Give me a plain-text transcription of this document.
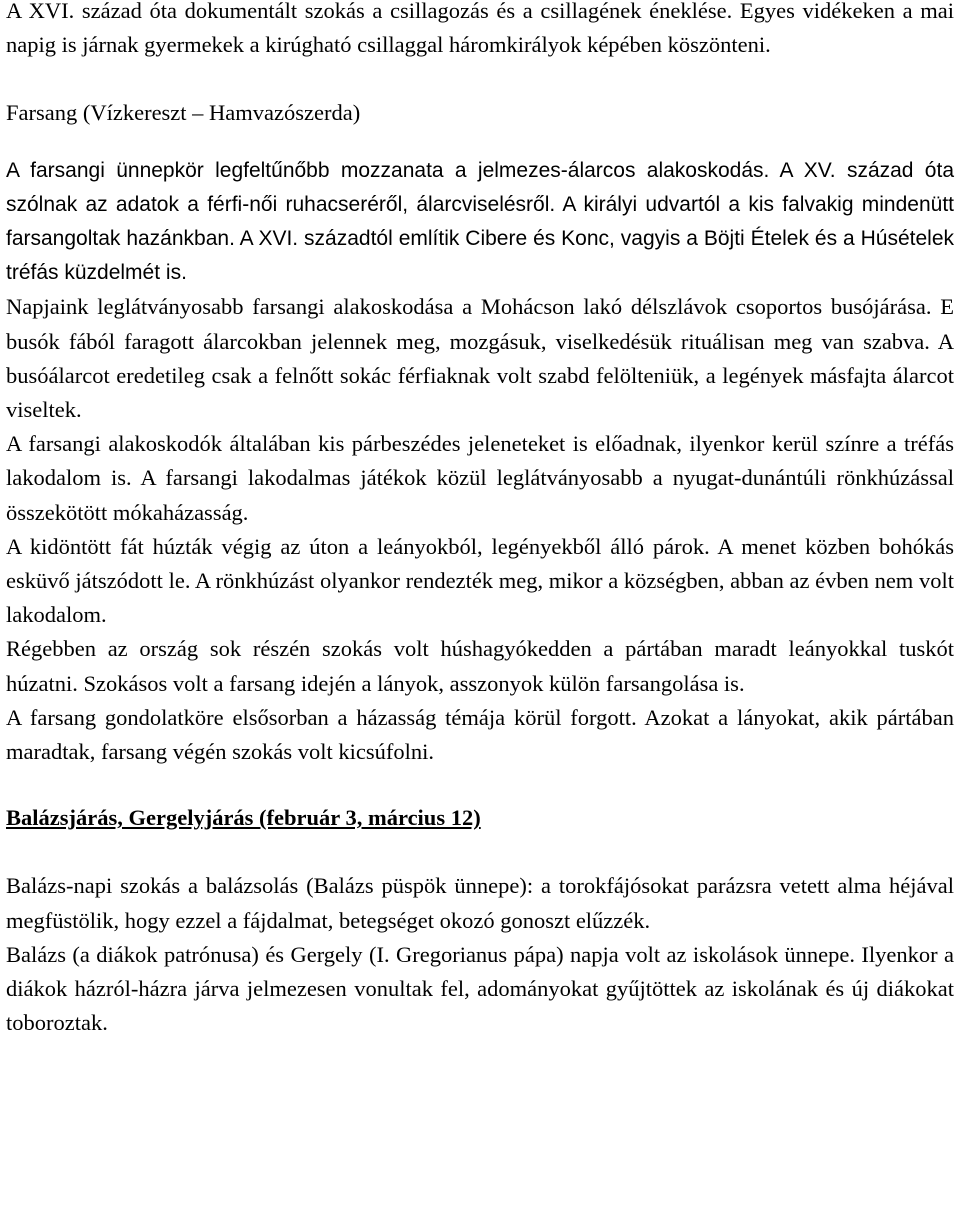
A XVI. század óta dokumentált szokás a csillagozás és a csillagének éneklése. Egyes vidékeken a mai napig is járnak gyermekek a kirúgható csillaggal háromkirályok képében köszönteni.

Farsang (Vízkereszt – Hamvazószerda)

A farsangi ünnepkör legfeltűnőbb mozzanata a jelmezes-álarcos alakoskodás. A XV. század óta szólnak az adatok a férfi-női ruhacseréről, álarcviselésről. A királyi udvartól a kis falvakig mindenütt farsangoltak hazánkban. A XVI. századtól említik Cibere és Konc, vagyis a Böjti Ételek és a Húsételek tréfás küzdelmét is.

Napjaink leglátványosabb farsangi alakoskodása a Mohácson lakó délszlávok csoportos busójárása. E busók fából faragott álarcokban jelennek meg, mozgásuk, viselkedésük rituálisan meg van szabva. A busóálarcot eredetileg csak a felnőtt sokác férfiaknak volt szabd felölteniük, a legények másfajta álarcot viseltek.

A farsangi alakoskodók általában kis párbeszédes jeleneteket is előadnak, ilyenkor kerül színre a tréfás lakodalom is. A farsangi lakodalmas játékok közül leglátványosabb a nyugat-dunántúli rönkhúzással összekötött mókaházasság.

A kidöntött fát húzták végig az úton a leányokból, legényekből álló párok. A menet közben bohókás esküvő játszódott le. A rönkhúzást olyankor rendezték meg, mikor a községben, abban az évben nem volt lakodalom.

Régebben az ország sok részén szokás volt húshagyókedden a pártában maradt leányokkal tuskót húzatni. Szokásos volt a farsang idején a lányok, asszonyok külön farsangolása is.

A farsang gondolatköre elsősorban a házasság témája körül forgott. Azokat a lányokat, akik pártában maradtak, farsang végén szokás volt kicsúfolni.

Balázsjárás, Gergelyjárás (február 3, március 12)

Balázs-napi szokás a balázsolás (Balázs püspök ünnepe): a torokfájósokat parázsra vetett alma héjával megfüstölik, hogy ezzel a fájdalmat, betegséget okozó gonoszt elűzzék.

Balázs (a diákok patrónusa) és Gergely (I. Gregorianus pápa) napja volt az iskolások ünnepe. Ilyenkor a diákok házról-házra járva jelmezesen vonultak fel, adományokat gyűjtöttek az iskolának és új diákokat toboroztak.
